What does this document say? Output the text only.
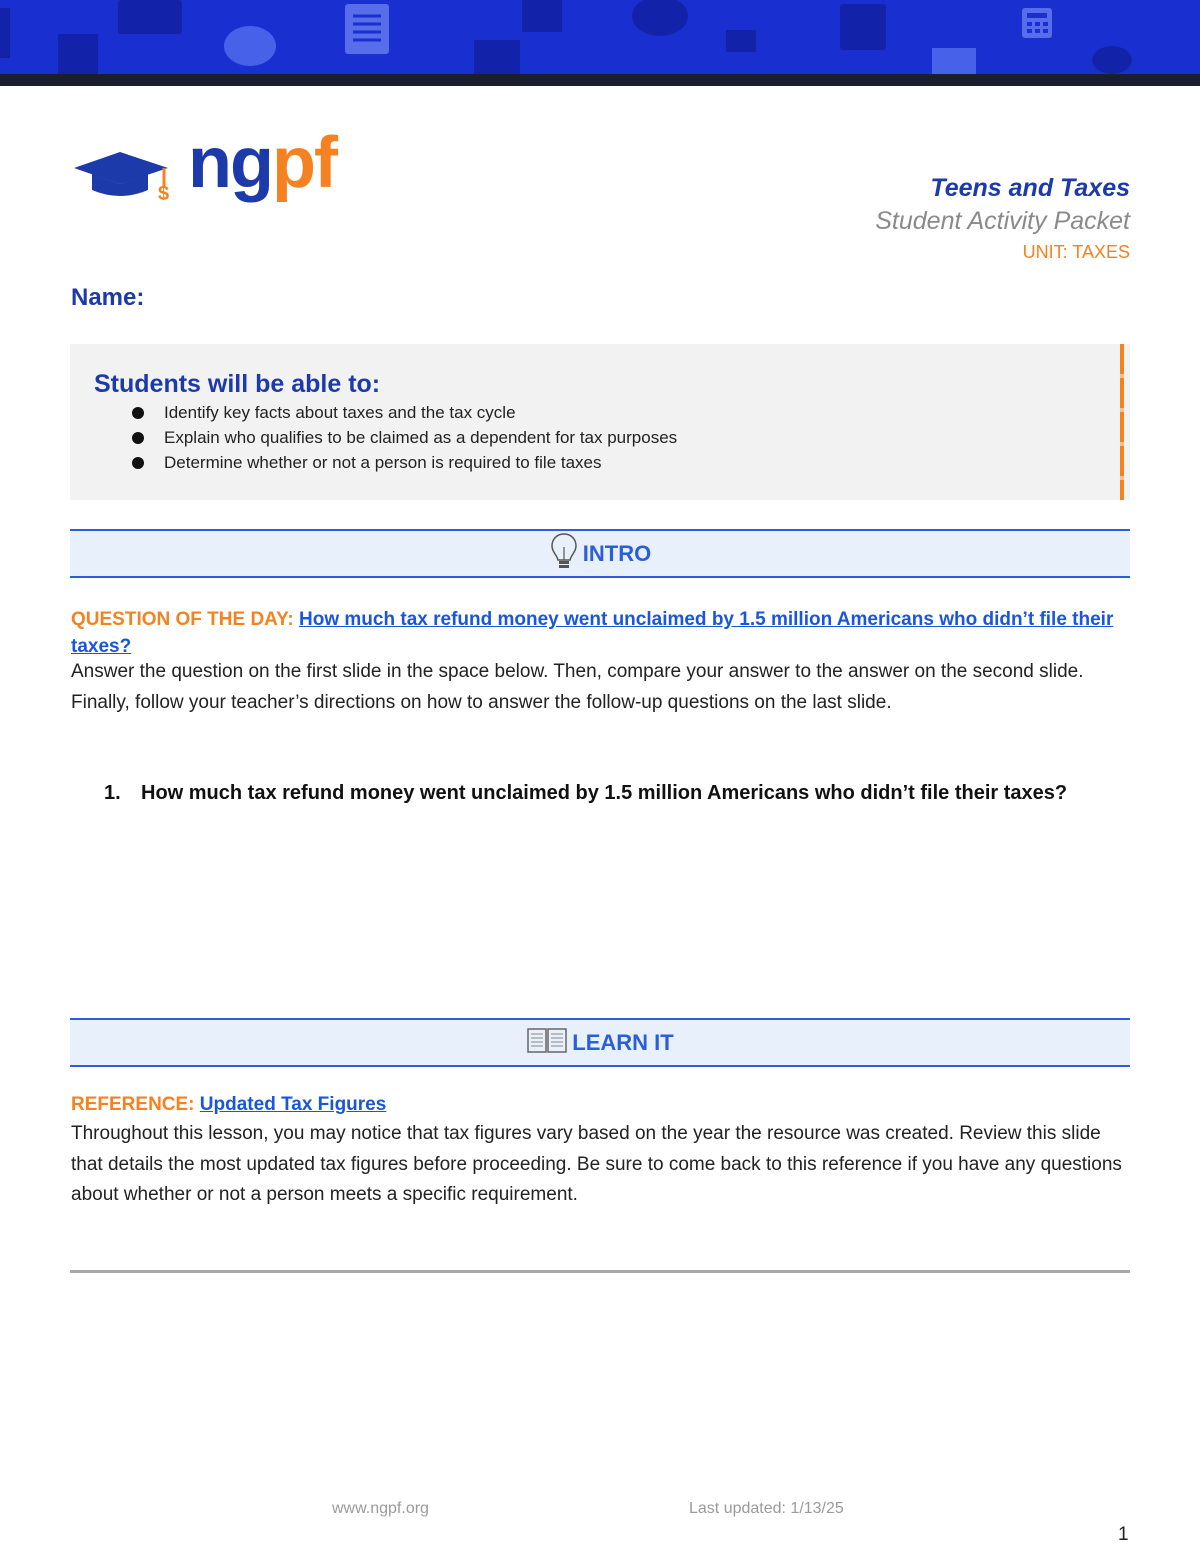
$ ngpf	Teens and Taxes
Student Activity Packet
UNIT: TAXES
Name:
Students will be able to:
Identify key facts about taxes and the tax cycle
Explain who qualifies to be claimed as a dependent for tax purposes
Determine whether or not a person is required to file taxes
INTRO
QUESTION OF THE DAY: How much tax refund money went unclaimed by 1.5 million Americans who didn’t file their taxes?
Answer the question on the first slide in the space below. Then, compare your answer to the answer on the second slide. Finally, follow your teacher’s directions on how to answer the follow-up questions on the last slide.
1.	How much tax refund money went unclaimed by 1.5 million Americans who didn’t file their taxes?
LEARN IT
REFERENCE: Updated Tax Figures
Throughout this lesson, you may notice that tax figures vary based on the year the resource was created. Review this slide that details the most updated tax figures before proceeding. Be sure to come back to this reference if you have any questions about whether or not a person meets a specific requirement.
www.ngpf.org	Last updated: 1/13/25
1
